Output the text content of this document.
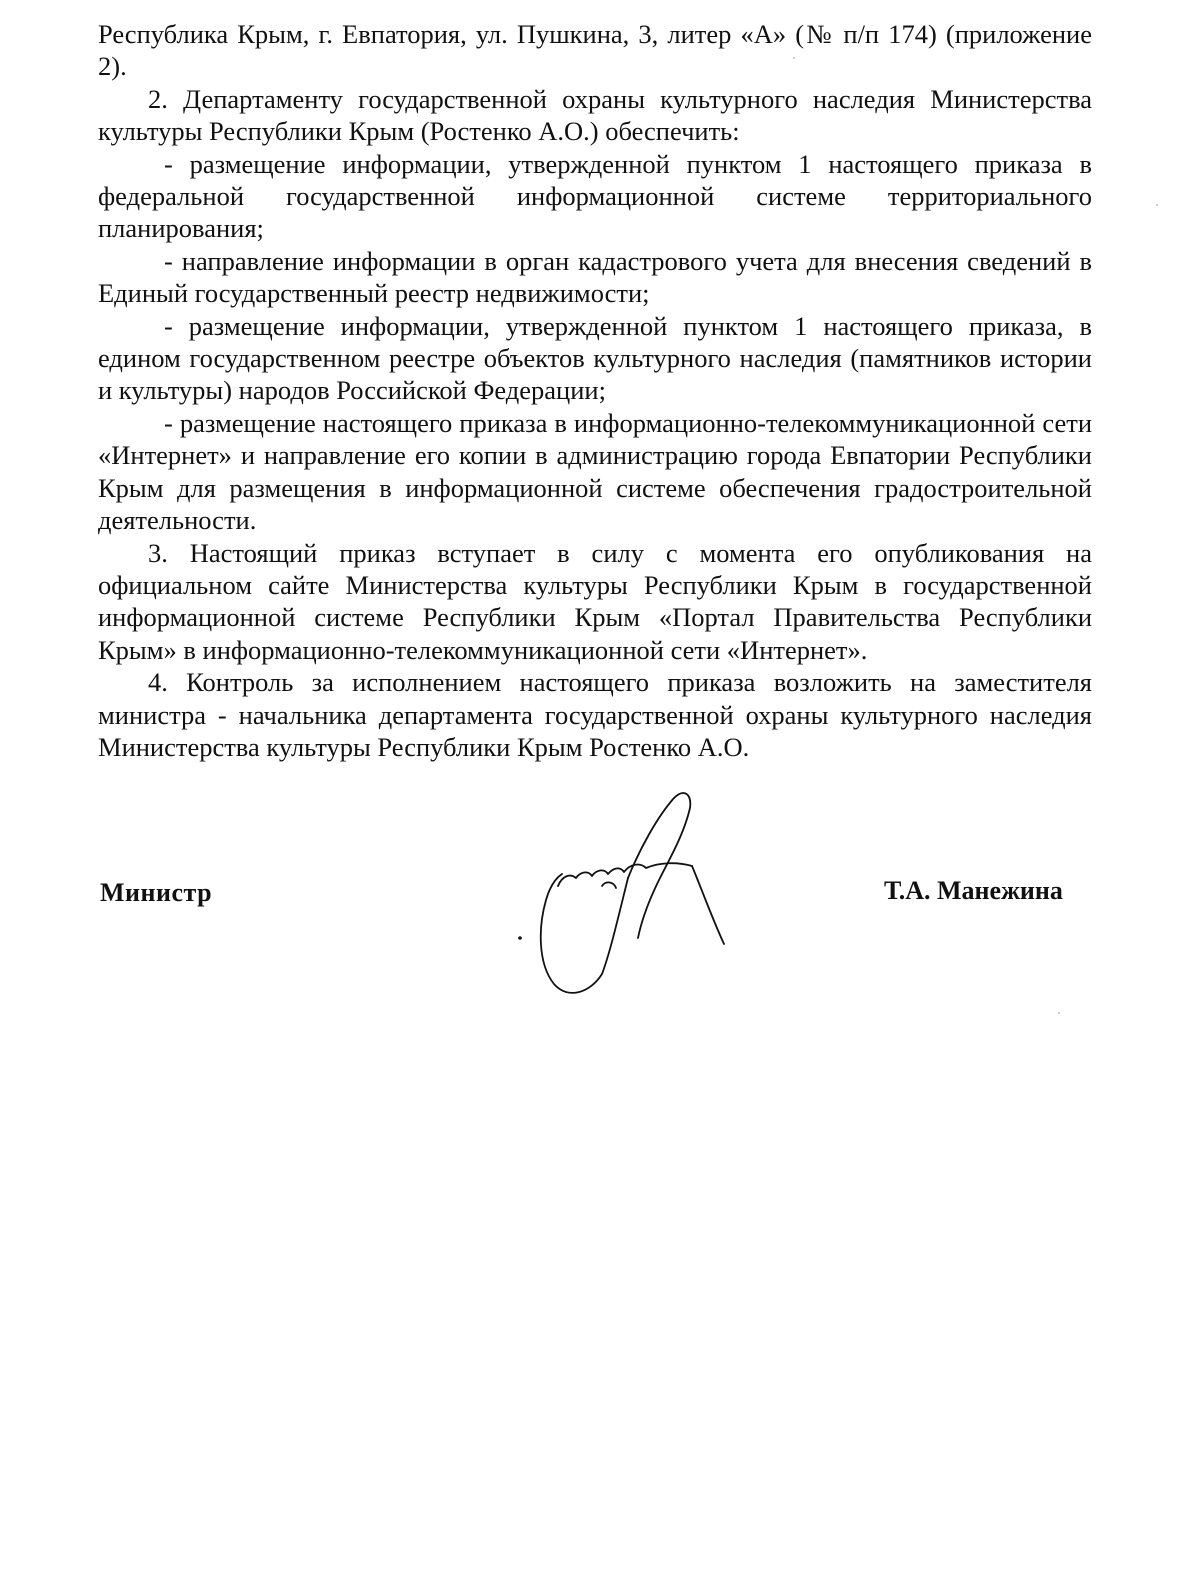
Республика Крым, г. Евпатория, ул. Пушкина, 3, литер «А» (№ п/п 174) (приложение 2).

2. Департаменту государственной охраны культурного наследия Министерства культуры Республики Крым (Ростенко А.О.) обеспечить:

- размещение информации, утвержденной пунктом 1 настоящего приказа в федеральной государственной информационной системе территориального планирования;

- направление информации в орган кадастрового учета для внесения сведений в Единый государственный реестр недвижимости;

- размещение информации, утвержденной пунктом 1 настоящего приказа, в едином государственном реестре объектов культурного наследия (памятников истории и культуры) народов Российской Федерации;

- размещение настоящего приказа в информационно-телекоммуникационной сети «Интернет» и направление его копии в администрацию города Евпатории Республики Крым для размещения в информационной системе обеспечения градостроительной деятельности.

3. Настоящий приказ вступает в силу с момента его опубликования на официальном сайте Министерства культуры Республики Крым в государственной информационной системе Республики Крым «Портал Правительства Республики Крым» в информационно-телекоммуникационной сети «Интернет».

4. Контроль за исполнением настоящего приказа возложить на заместителя министра - начальника департамента государственной охраны культурного наследия Министерства культуры Республики Крым Ростенко А.О.

Министр	Т.А. Манежина
